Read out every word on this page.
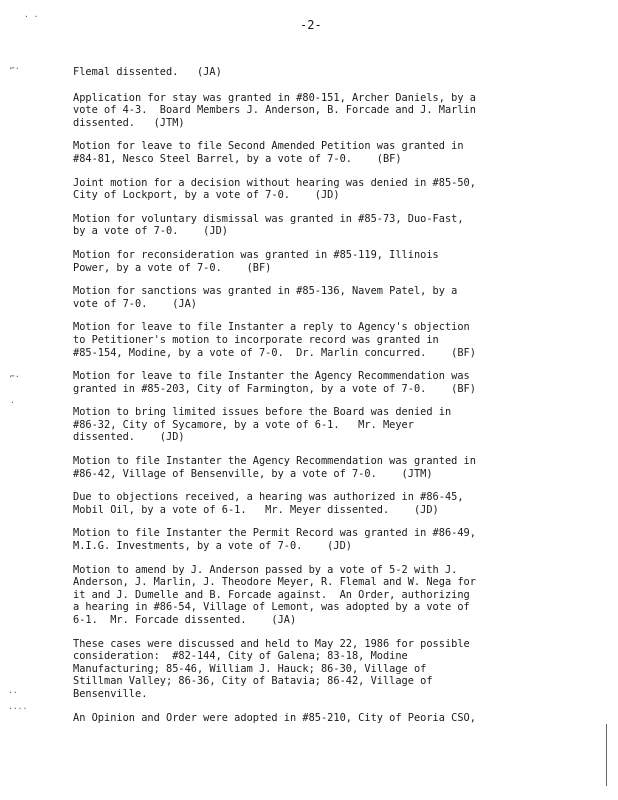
-2-
· ·
⌐·
⌐·
·
··
····

Flemal dissented.   (JA)

Application for stay was granted in #80-151, Archer Daniels, by a
vote of 4-3.  Board Members J. Anderson, B. Forcade and J. Marlin
dissented.   (JTM)

Motion for leave to file Second Amended Petition was granted in
#84-81, Nesco Steel Barrel, by a vote of 7-0.    (BF)

Joint motion for a decision without hearing was denied in #85-50,
City of Lockport, by a vote of 7-0.    (JD)

Motion for voluntary dismissal was granted in #85-73, Duo-Fast,
by a vote of 7-0.    (JD)

Motion for reconsideration was granted in #85-119, Illinois
Power, by a vote of 7-0.    (BF)

Motion for sanctions was granted in #85-136, Navem Patel, by a
vote of 7-0.    (JA)

Motion for leave to file Instanter a reply to Agency's objection
to Petitioner's motion to incorporate record was granted in
#85-154, Modine, by a vote of 7-0.  Dr. Marlin concurred.    (BF)

Motion for leave to file Instanter the Agency Recommendation was
granted in #85-203, City of Farmington, by a vote of 7-0.    (BF)

Motion to bring limited issues before the Board was denied in
#86-32, City of Sycamore, by a vote of 6-1.   Mr. Meyer
dissented.    (JD)

Motion to file Instanter the Agency Recommendation was granted in
#86-42, Village of Bensenville, by a vote of 7-0.    (JTM)

Due to objections received, a hearing was authorized in #86-45,
Mobil Oil, by a vote of 6-1.   Mr. Meyer dissented.    (JD)

Motion to file Instanter the Permit Record was granted in #86-49,
M.I.G. Investments, by a vote of 7-0.    (JD)

Motion to amend by J. Anderson passed by a vote of 5-2 with J.
Anderson, J. Marlin, J. Theodore Meyer, R. Flemal and W. Nega for
it and J. Dumelle and B. Forcade against.  An Order, authorizing
a hearing in #86-54, Village of Lemont, was adopted by a vote of
6-1.  Mr. Forcade dissented.    (JA)

These cases were discussed and held to May 22, 1986 for possible
consideration:  #82-144, City of Galena; 83-18, Modine
Manufacturing; 85-46, William J. Hauck; 86-30, Village of
Stillman Valley; 86-36, City of Batavia; 86-42, Village of
Bensenville.

An Opinion and Order were adopted in #85-210, City of Peoria CSO,
